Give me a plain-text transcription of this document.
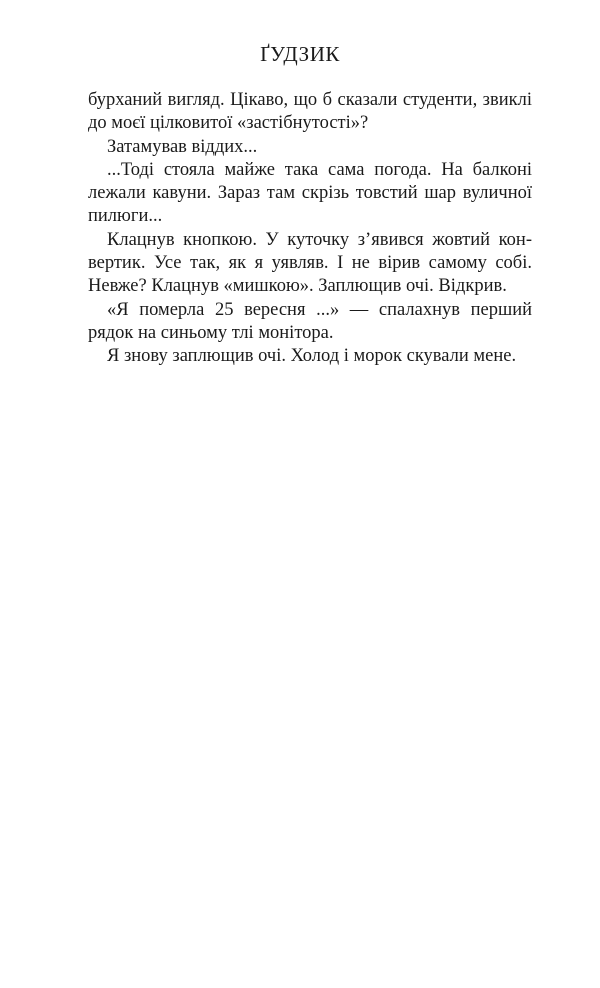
ҐУДЗИК
бурханий вигляд. Цікаво, що б сказали студенти, звиклі
до моєї цілковитої «застібнутості»?
Затамував віддих...
...Тоді стояла майже така сама погода. На балконі
лежали кавуни. Зараз там скрізь товстий шар вуличної
пилюги...
Клацнув кнопкою. У куточку з’явився жовтий кон-
вертик. Усе так, як я уявляв. І не вірив самому собі.
Невже? Клацнув «мишкою». Заплющив очі. Відкрив.
«Я померла 25 вересня ...» — спалахнув перший
рядок на синьому тлі монітора.
Я знову заплющив очі. Холод і морок скували мене.
